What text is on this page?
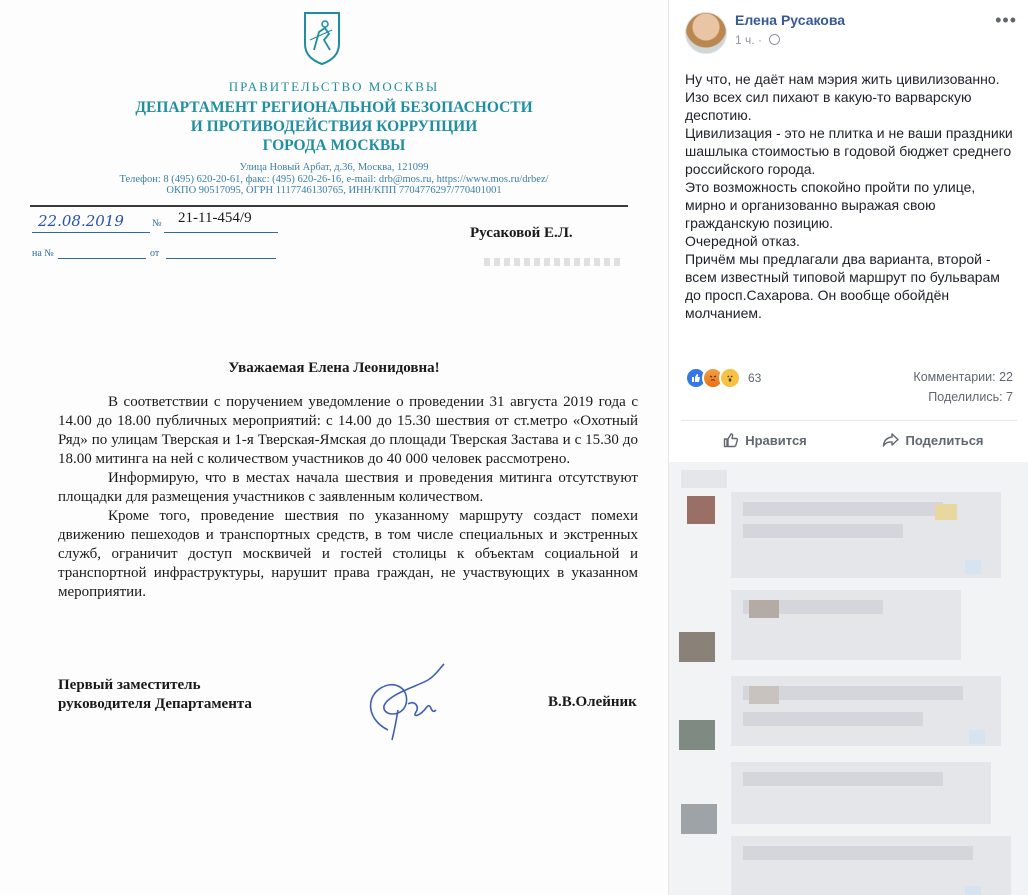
ПРАВИТЕЛЬСТВО МОСКВЫ
ДЕПАРТАМЕНТ РЕГИОНАЛЬНОЙ БЕЗОПАСНОСТИ
И ПРОТИВОДЕЙСТВИЯ КОРРУПЦИИ
ГОРОДА МОСКВЫ
Улица Новый Арбат, д.36, Москва, 121099
Телефон: 8 (495) 620-20-61, факс: (495) 620-26-16, e-mail: drb@mos.ru, https://www.mos.ru/drbez/
ОКПО 90517095, ОГРН 1117746130765, ИНН/КПП 7704776297/770401001
22.08.2019	№ 21-11-454/9
на №	от
Русаковой Е.Л.
Уважаемая Елена Леонидовна!

В соответствии с поручением уведомление о проведении 31 августа 2019 года с 14.00 до 18.00 публичных мероприятий: с 14.00 до 15.30 шествия от ст.метро «Охотный Ряд» по улицам Тверская и 1-я Тверская-Ямская до площади Тверская Застава и с 15.30 до 18.00 митинга на ней с количеством участников до 40 000 человек рассмотрено.

Информирую, что в местах начала шествия и проведения митинга отсутствуют площадки для размещения участников с заявленным количеством.

Кроме того, проведение шествия по указанному маршруту создаст помехи движению пешеходов и транспортных средств, в том числе специальных и экстренных служб, ограничит доступ москвичей и гостей столицы к объектам социальной и транспортной инфраструктуры, нарушит права граждан, не участвующих в указанном мероприятии.

Первый заместитель
руководителя Департамента	В.В.Олейник
Елена Русакова
1 ч. ·
•••
Ну что, не даёт нам мэрия жить цивилизованно.
Изо всех сил пихают в какую-то варварскую
деспотию.
Цивилизация - это не плитка и не ваши праздники
шашлыка стоимостью в годовой бюджет среднего
российского города.
Это возможность спокойно пройти по улице,
мирно и организованно выражая свою
гражданскую позицию.
Очередной отказ.
Причём мы предлагали два варианта, второй -
всем известный типовой маршрут по бульварам
до просп.Сахарова. Он вообще обойдён
молчанием.
63	Комментарии: 22
Поделились: 7
Нравится	Поделиться
